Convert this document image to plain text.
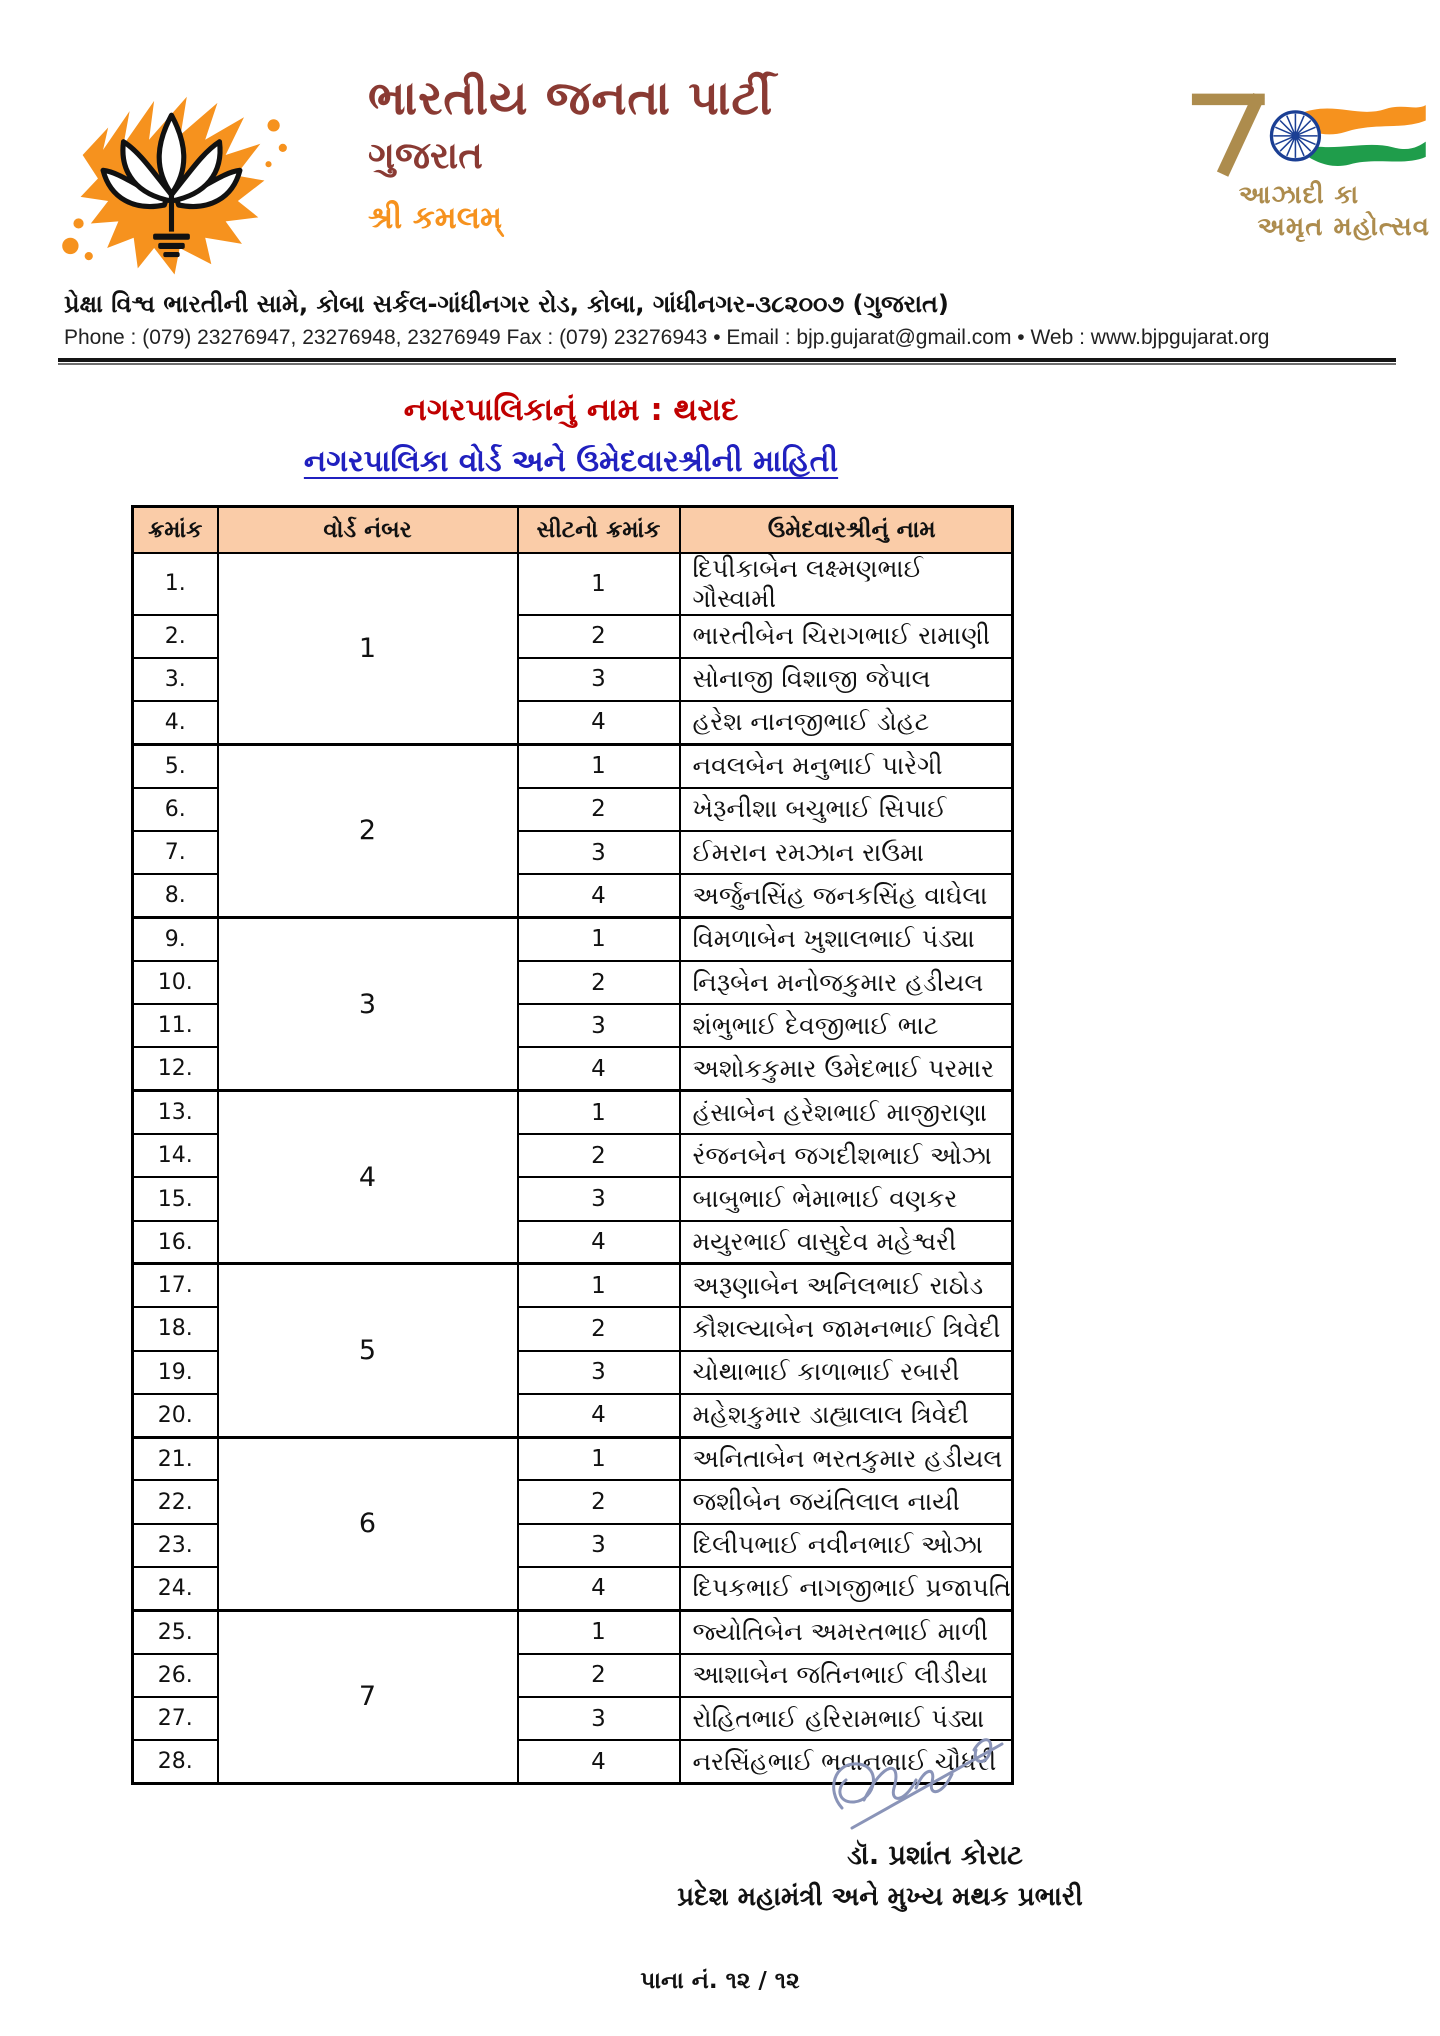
ભારતીય જનતા પાર્ટી
ગુજરાત
શ્રી કમલમ્
આઝાદી કા
અમૃત મહોત્સવ
પ્રેક્ષા વિશ્વ ભારતીની સામે, કોબા સર્કલ-ગાંધીનગર રોડ, કોબા, ગાંધીનગર-૩૮૨૦૦૭ (ગુજરાત)
Phone : (079) 23276947, 23276948, 23276949 Fax : (079) 23276943 • Email : bjp.gujarat@gmail.com • Web : www.bjpgujarat.org
નગરપાલિકાનું નામ : થરાદ
નગરપાલિકા વોર્ડ અને ઉમેદવારશ્રીની માહિતી
ક્રમાંક	વોર્ડ નંબર	સીટનો ક્રમાંક	ઉમેદવારશ્રીનું નામ
1.	1	1	દિપીકાબેન લક્ષ્મણભાઈ ગૌસ્વામી
2.		2	ભારતીબેન ચિરાગભાઈ રામાણી
3.		3	સોનાજી વિશાજી જેપાલ
4.		4	હરેશ નાનજીભાઈ ડોહટ
5.	2	1	નવલબેન મનુભાઈ પારેગી
6.		2	ખેરૂનીશા બચુભાઈ સિપાઈ
7.		3	ઈમરાન રમઝાન રાઉમા
8.		4	અર્જુનસિંહ જનકસિંહ વાઘેલા
9.	3	1	વિમળાબેન ખુશાલભાઈ પંડ્યા
10.		2	નિરૂબેન મનોજકુમાર હડીયલ
11.		3	શંભુભાઈ દેવજીભાઈ ભાટ
12.		4	અશોકકુમાર ઉમેદભાઈ પરમાર
13.	4	1	હંસાબેન હરેશભાઈ માજીરાણા
14.		2	રંજનબેન જગદીશભાઈ ઓઝા
15.		3	બાબુભાઈ ભેમાભાઈ વણકર
16.		4	મયુરભાઈ વાસુદેવ મહેશ્વરી
17.	5	1	અરૂણાબેન અનિલભાઈ રાઠોડ
18.		2	કૌશલ્યાબેન જામનભાઈ ત્રિવેદી
19.		3	ચોથાભાઈ કાળાભાઈ રબારી
20.		4	મહેશકુમાર ડાહ્યાલાલ ત્રિવેદી
21.	6	1	અનિતાબેન ભરતકુમાર હડીયલ
22.		2	જશીબેન જયંતિલાલ નાયી
23.		3	દિલીપભાઈ નવીનભાઈ ઓઝા
24.		4	દિપકભાઈ નાગજીભાઈ પ્રજાપતિ
25.	7	1	જ્યોતિબેન અમરતભાઈ માળી
26.		2	આશાબેન જતિનભાઈ લીડીયા
27.		3	રોહિતભાઈ હરિરામભાઈ પંડ્યા
28.		4	નરસિંહભાઈ ભવાનભાઈ ચૌધરી
ડૉ. પ્રશાંત કોરાટ
પ્રદેશ મહામંત્રી અને મુખ્ય મથક પ્રભારી
પાના નં. ૧૨ / ૧૨
